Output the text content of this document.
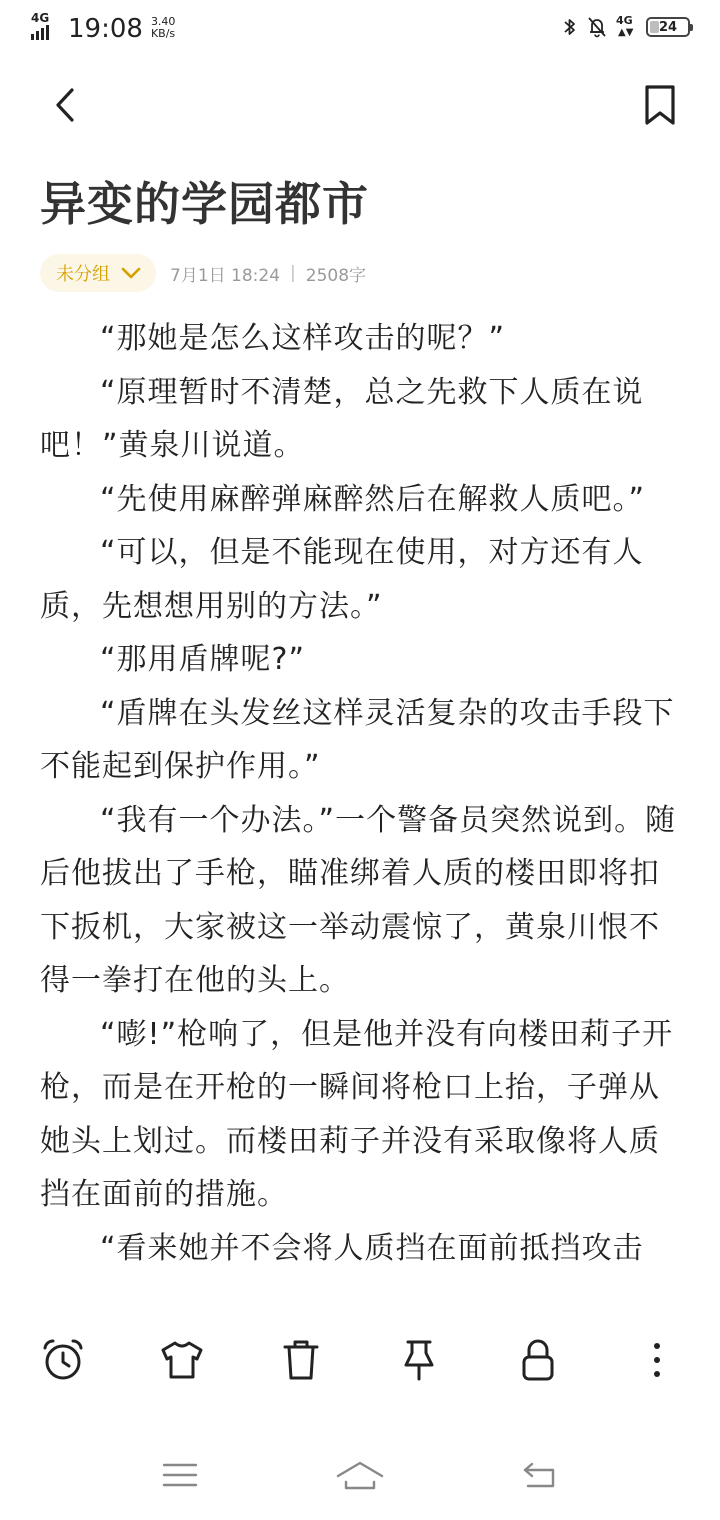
4G 19:08 3.40
KB/s
4G
▲▼ 24
异变的学园都市
未分组	7月1日 18:24 | 2508字

“那她是怎么这样攻击的呢？”

“原理暂时不清楚，总之先救下人质在说吧！”黄泉川说道。

“先使用麻醉弹麻醉然后在解救人质吧。”

“可以，但是不能现在使用，对方还有人质，先想想用别的方法。”

“那用盾牌呢?”

“盾牌在头发丝这样灵活复杂的攻击手段下不能起到保护作用。”

“我有一个办法。”一个警备员突然说到。随后他拔出了手枪，瞄准绑着人质的楼田即将扣下扳机，大家被这一举动震惊了，黄泉川恨不得一拳打在他的头上。

“嘭!”枪响了，但是他并没有向楼田莉子开枪，而是在开枪的一瞬间将枪口上抬，子弹从她头上划过。而楼田莉子并没有采取像将人质挡在面前的措施。

“看来她并不会将人质挡在面前抵挡攻击
